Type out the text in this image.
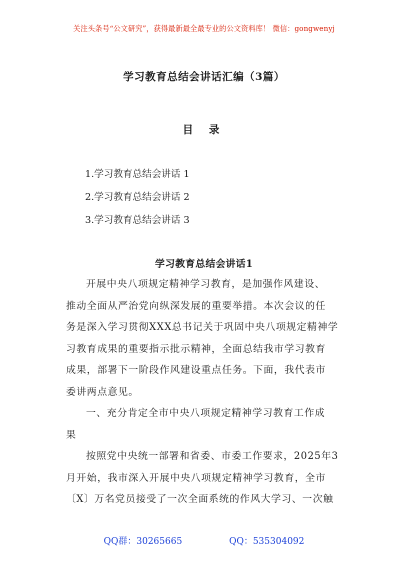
关注头条号“公文研究”，获得最新最全最专业的公文资料库！ 微信：gongwenyj
学习教育总结会讲话汇编（3篇）
目 录
1.学习教育总结会讲话 1
2.学习教育总结会讲话 2
3.学习教育总结会讲话 3
学习教育总结会讲话1
开展中央八项规定精神学习教育，是加强作风建设、
推动全面从严治党向纵深发展的重要举措。本次会议的任
务是深入学习贯彻XXX总书记关于巩固中央八项规定精神学
习教育成果的重要指示批示精神，全面总结我市学习教育
成果，部署下一阶段作风建设重点任务。下面，我代表市
委讲两点意见。
一、充分肯定全市中央八项规定精神学习教育工作成
果
按照党中央统一部署和省委、市委工作要求，2025年3
月开始，我市深入开展中央八项规定精神学习教育，全市
〔X〕万名党员接受了一次全面系统的作风大学习、一次触
QQ群：30265665	QQ：535304092
